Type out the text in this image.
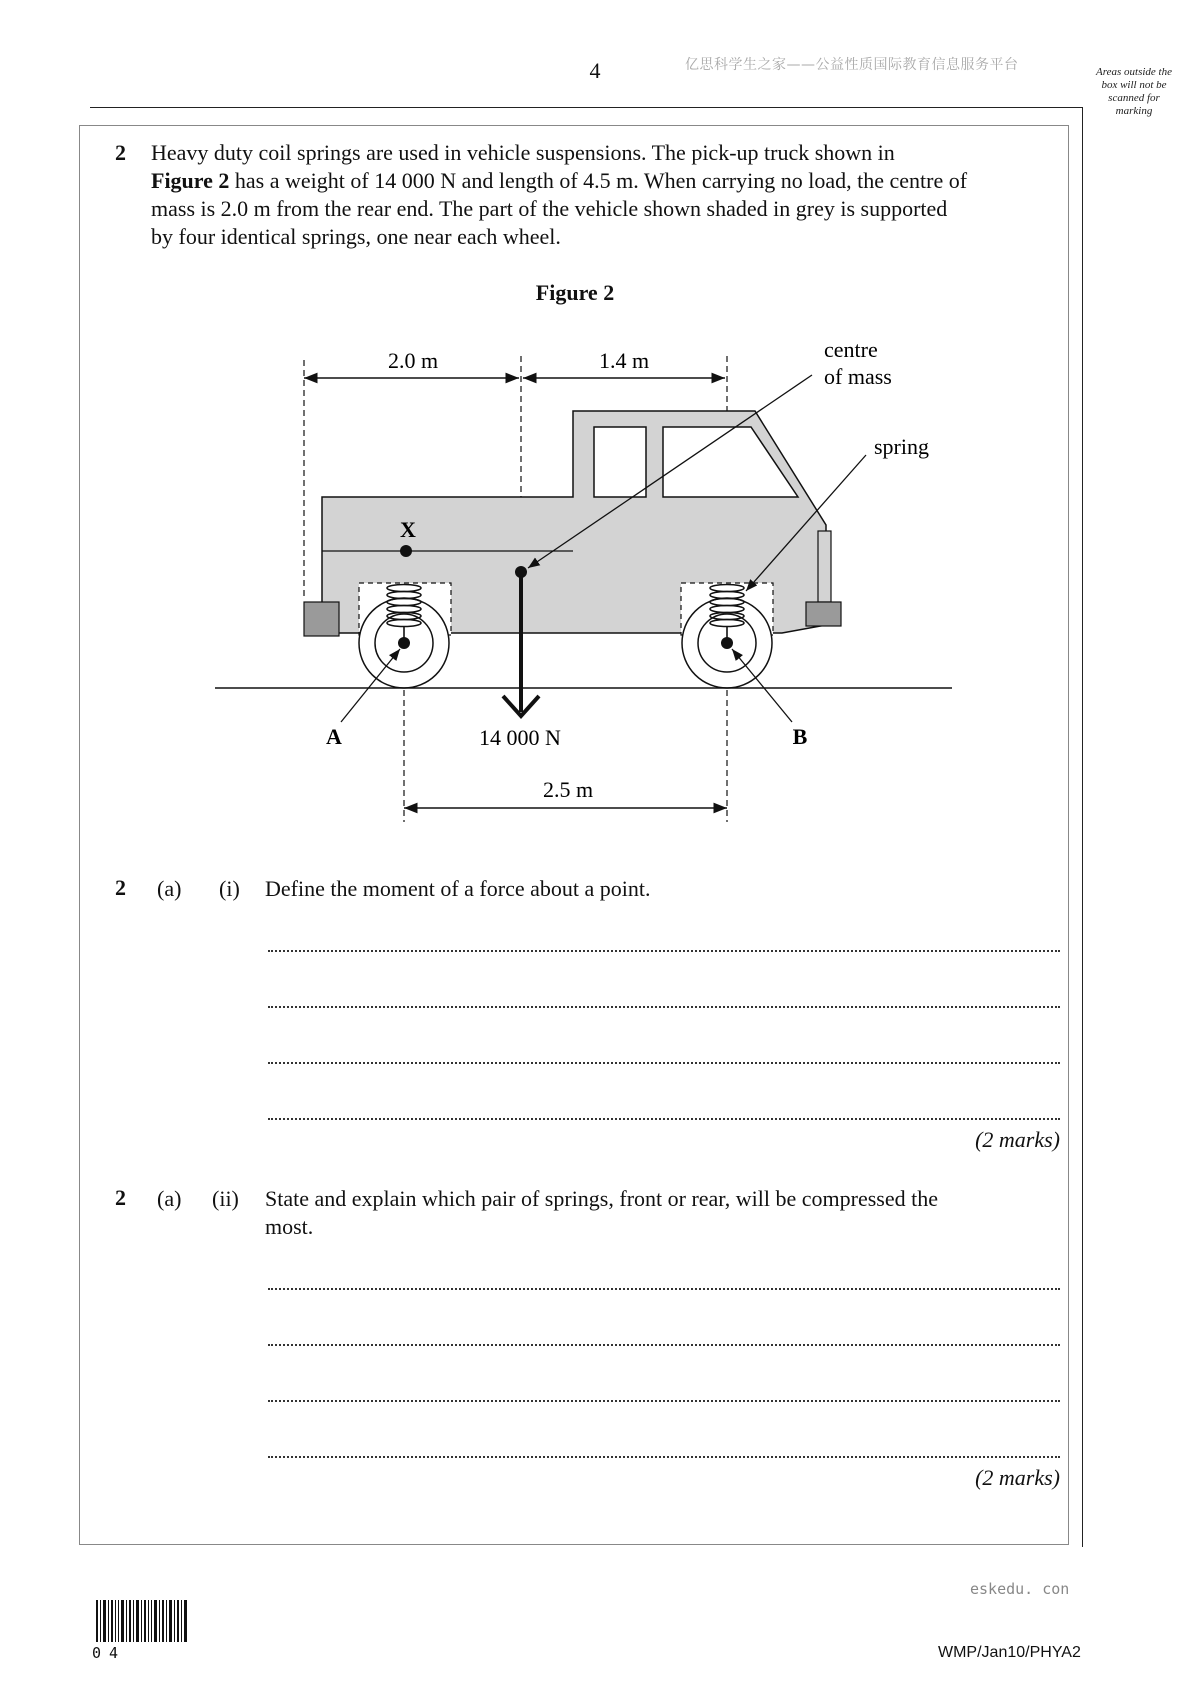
4	亿思科学生之家——公益性质国际教育信息服务平台	Areas outside the box will not be scanned for marking
2 Heavy duty coil springs are used in vehicle suspensions. The pick-up truck shown in
Figure 2 has a weight of 14 000 N and length of 4.5 m. When carrying no load, the centre of
mass is 2.0 m from the rear end. The part of the vehicle shown shaded in grey is supported
by four identical springs, one near each wheel.
Figure 2
2.0 m	1.4 m
X
14 000 N
centre
of mass
spring
A	B
2.5 m
2 (a) (i) Define the moment of a force about a point.
(2 marks)
2 (a) (ii) State and explain which pair of springs, front or rear, will be compressed the
most.
(2 marks)
eskedu. con
04	WMP/Jan10/PHYA2
